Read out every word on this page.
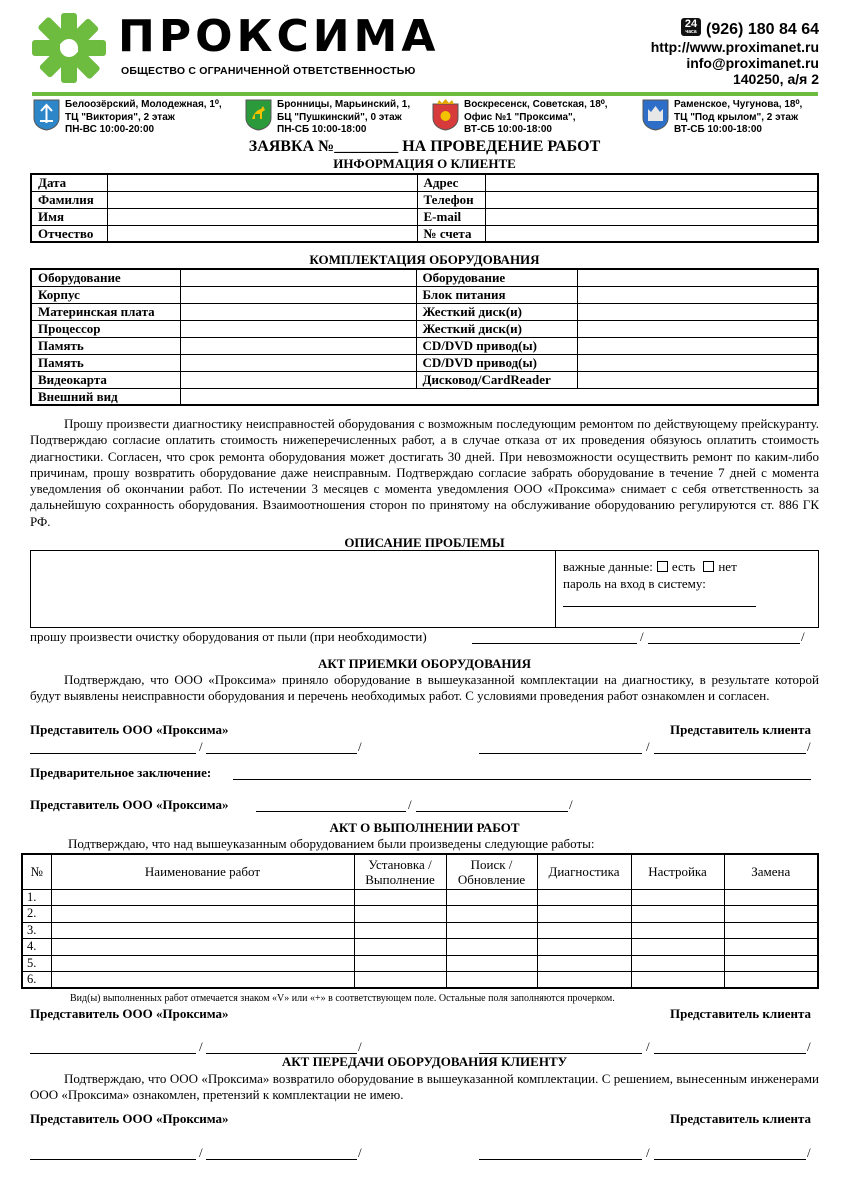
ПРОКСИМА
ОБЩЕСТВО С ОГРАНИЧЕННОЙ ОТВЕТСТВЕННОСТЬЮ
24
часа (926) 180 84 64
http://www.proximanet.ru
info@proximanet.ru
140250, а/я 2
Белоозёрский, Молодежная, 1⁰,
ТЦ "Виктория", 2 этаж
ПН-ВС 10:00-20:00
Бронницы, Марьинский, 1,
БЦ "Пушкинский", 0 этаж
ПН-СБ 10:00-18:00
Воскресенск, Советская, 18⁰,
Офис №1 "Проксима",
ВТ-СБ 10:00-18:00
Раменское, Чугунова, 18⁰,
ТЦ "Под крылом", 2 этаж
ВТ-СБ 10:00-18:00
ЗАЯВКА №________ НА ПРОВЕДЕНИЕ РАБОТ
ИНФОРМАЦИЯ О КЛИЕНТЕ
Дата		Адрес	
Фамилия		Телефон	
Имя		E-mail	
Отчество		№ счета	
КОМПЛЕКТАЦИЯ ОБОРУДОВАНИЯ
Оборудование		Оборудование	
Корпус		Блок питания	
Материнская плата		Жесткий диск(и)	
Процессор		Жесткий диск(и)	
Память		CD/DVD привод(ы)	
Память		CD/DVD привод(ы)	
Видеокарта		Дисковод/CardReader	
Внешний вид			
Прошу произвести диагностику неисправностей оборудования с возможным последующим ремонтом по действующему прейскуранту. Подтверждаю согласие оплатить стоимость нижеперечисленных работ, а в случае отказа от их проведения обязуюсь оплатить стоимость диагностики. Согласен, что срок ремонта оборудования может достигать 30 дней. При невозможности осуществить ремонт по каким-либо причинам, прошу возвратить оборудование даже неисправным. Подтверждаю согласие забрать оборудование в течение 7 дней с момента уведомления об окончании работ. По истечении 3 месяцев с момента уведомления ООО «Проксима» снимает с себя ответственность за дальнейшую сохранность оборудования. Взаимоотношения сторон по принятому на обслуживание оборудованию регулируются ст. 886 ГК РФ.
ОПИСАНИЕ ПРОБЛЕМЫ
важные данные: есть нет
пароль на вход в систему:
прошу произвести очистку оборудования от пыли (при необходимости)	/	/
АКТ ПРИЕМКИ ОБОРУДОВАНИЯ
Подтверждаю, что ООО «Проксима» приняло оборудование в вышеуказанной комплектации на диагностику, в результате которой будут выявлены неисправности оборудования и перечень необходимых работ. С условиями проведения работ ознакомлен и согласен.
Представитель ООО «Проксима»	Представитель клиента
/	/	/	/
Предварительное заключение:
Представитель ООО «Проксима»	/	/
АКТ О ВЫПОЛНЕНИИ РАБОТ
Подтверждаю, что над вышеуказанным оборудованием были произведены следующие работы:
№	Наименование работ	Установка / Выполнение	Поиск / Обновление	Диагностика	Настройка	Замена
1.						
2.						
3.						
4.						
5.						
6.						
Вид(ы) выполненных работ отмечается знаком «V» или «+» в соответствующем поле. Остальные поля заполняются прочерком.
Представитель ООО «Проксима»	Представитель клиента
/	/	/	/
АКТ ПЕРЕДАЧИ ОБОРУДОВАНИЯ КЛИЕНТУ
Подтверждаю, что ООО «Проксима» возвратило оборудование в вышеуказанной комплектации. С решением, вынесенным инженерами ООО «Проксима» ознакомлен, претензий к комплектации не имею.
Представитель ООО «Проксима»	Представитель клиента
/	/	/	/
